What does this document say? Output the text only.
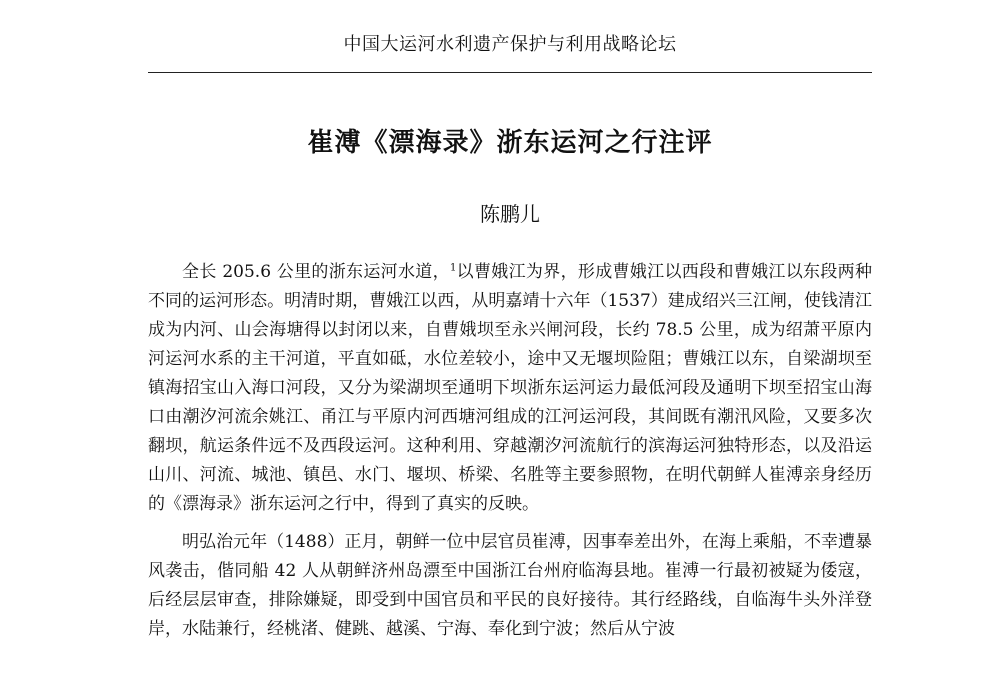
中国大运河水利遗产保护与利用战略论坛
崔溥《漂海录》浙东运河之行注评
陈鹏儿

全长 205.6 公里的浙东运河水道，$^1$以曹娥江为界，形成曹娥江以西段和曹娥江以东段两种不同的运河形态。明清时期，曹娥江以西，从明嘉靖十六年（1537）建成绍兴三江闸，使钱清江成为内河、山会海塘得以封闭以来，自曹娥坝至永兴闸河段，长约 78.5 公里，成为绍萧平原内河运河水系的主干河道，平直如砥，水位差较小，途中又无堰坝险阻；曹娥江以东，自梁湖坝至镇海招宝山入海口河段，又分为梁湖坝至通明下坝浙东运河运力最低河段及通明下坝至招宝山海口由潮汐河流余姚江、甬江与平原内河西塘河组成的江河运河段，其间既有潮汛风险，又要多次翻坝，航运条件远不及西段运河。这种利用、穿越潮汐河流航行的滨海运河独特形态，以及沿运山川、河流、城池、镇邑、水门、堰坝、桥梁、名胜等主要参照物，在明代朝鲜人崔溥亲身经历的《漂海录》浙东运河之行中，得到了真实的反映。

明弘治元年（1488）正月，朝鲜一位中层官员崔溥，因事奉差出外，在海上乘船，不幸遭暴风袭击，偕同船 42 人从朝鲜济州岛漂至中国浙江台州府临海县地。崔溥一行最初被疑为倭寇，后经层层审查，排除嫌疑，即受到中国官员和平民的良好接待。其行经路线，自临海牛头外洋登岸，水陆兼行，经桃渚、健跳、越溪、宁海、奉化到宁波；然后从宁波
